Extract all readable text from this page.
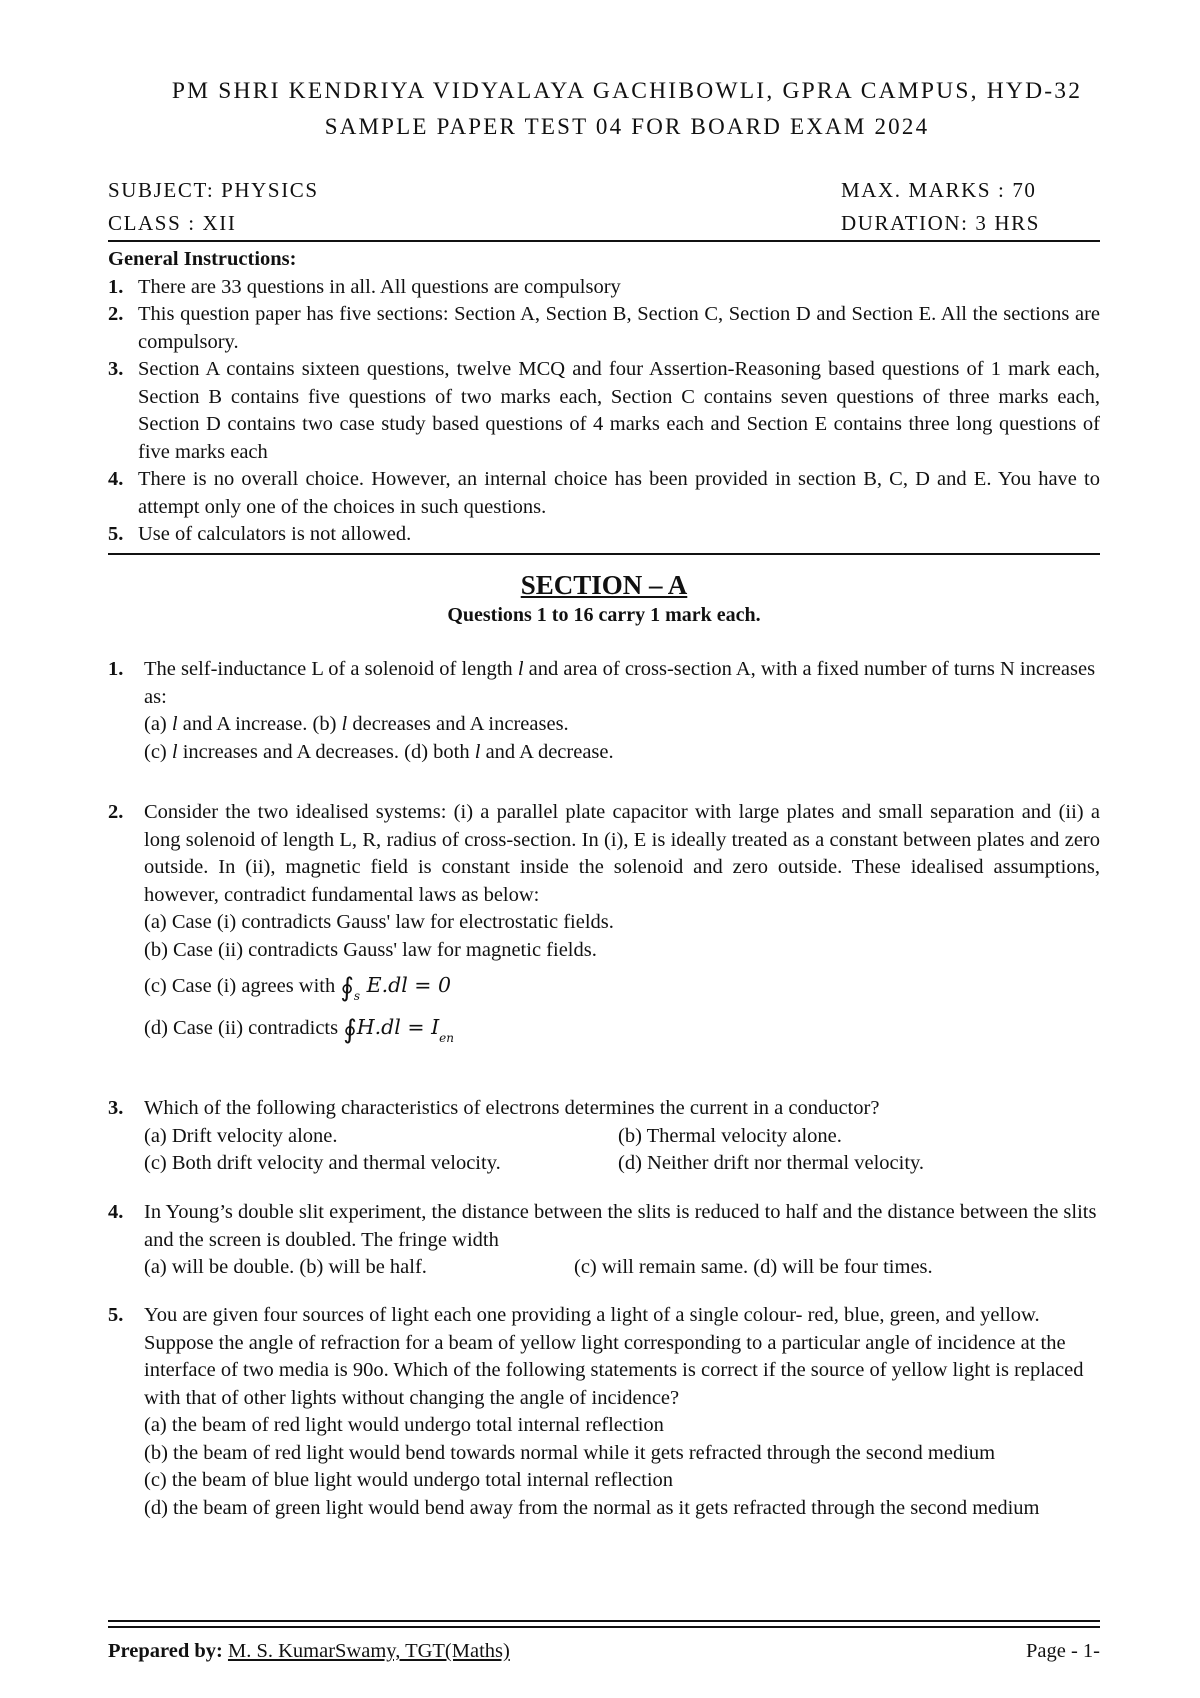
PM SHRI KENDRIYA VIDYALAYA GACHIBOWLI, GPRA CAMPUS, HYD-32
SAMPLE PAPER TEST 04 FOR BOARD EXAM 2024
SUBJECT: PHYSICS	MAX. MARKS : 70
CLASS : XII	DURATION: 3 HRS
General Instructions:
1. There are 33 questions in all. All questions are compulsory
2. This question paper has five sections: Section A, Section B, Section C, Section D and Section E. All the sections are compulsory.
3. Section A contains sixteen questions, twelve MCQ and four Assertion-Reasoning based questions of 1 mark each, Section B contains five questions of two marks each, Section C contains seven questions of three marks each, Section D contains two case study based questions of 4 marks each and Section E contains three long questions of five marks each
4. There is no overall choice. However, an internal choice has been provided in section B, C, D and E. You have to attempt only one of the choices in such questions.
5. Use of calculators is not allowed.
SECTION – A
Questions 1 to 16 carry 1 mark each.
1. The self-inductance L of a solenoid of length l and area of cross-section A, with a fixed number of turns N increases as:
(a) l and A increase. (b) l decreases and A increases.
(c) l increases and A decreases. (d) both l and A decrease.
2. Consider the two idealised systems: (i) a parallel plate capacitor with large plates and small separation and (ii) a long solenoid of length L, R, radius of cross-section. In (i), E is ideally treated as a constant between plates and zero outside. In (ii), magnetic field is constant inside the solenoid and zero outside. These idealised assumptions, however, contradict fundamental laws as below:
(a) Case (i) contradicts Gauss' law for electrostatic fields.
(b) Case (ii) contradicts Gauss' law for magnetic fields.
(c) Case (i) agrees with $∮_s$ E.dl = 0
(d) Case (ii) contradicts ∮H.dl = $I_{en}$
3. Which of the following characteristics of electrons determines the current in a conductor?
(a) Drift velocity alone.	(b) Thermal velocity alone.
(c) Both drift velocity and thermal velocity.	(d) Neither drift nor thermal velocity.
4. In Young’s double slit experiment, the distance between the slits is reduced to half and the distance between the slits and the screen is doubled. The fringe width
(a) will be double. (b) will be half.	(c) will remain same. (d) will be four times.
5. You are given four sources of light each one providing a light of a single colour- red, blue, green, and yellow. Suppose the angle of refraction for a beam of yellow light corresponding to a particular angle of incidence at the interface of two media is 90o. Which of the following statements is correct if the source of yellow light is replaced with that of other lights without changing the angle of incidence?
(a) the beam of red light would undergo total internal reflection
(b) the beam of red light would bend towards normal while it gets refracted through the second medium
(c) the beam of blue light would undergo total internal reflection
(d) the beam of green light would bend away from the normal as it gets refracted through the second medium
Prepared by: M. S. KumarSwamy, TGT(Maths)	Page - 1-
